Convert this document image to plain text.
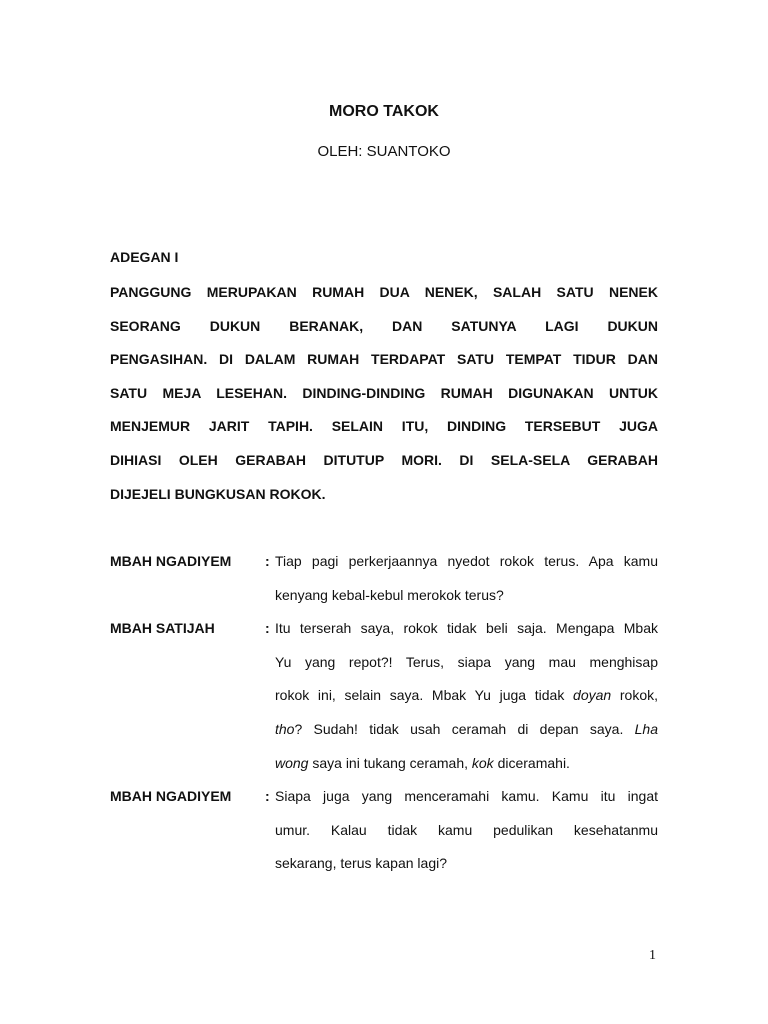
MORO TAKOK
OLEH: SUANTOKO
ADEGAN I
PANGGUNG MERUPAKAN RUMAH DUA NENEK, SALAH SATU NENEK
SEORANG DUKUN BERANAK, DAN SATUNYA LAGI DUKUN
PENGASIHAN. DI DALAM RUMAH TERDAPAT SATU TEMPAT TIDUR DAN
SATU MEJA LESEHAN. DINDING-DINDING RUMAH DIGUNAKAN UNTUK
MENJEMUR JARIT TAPIH. SELAIN ITU, DINDING TERSEBUT JUGA
DIHIASI OLEH GERABAH DITUTUP MORI. DI SELA-SELA GERABAH
DIJEJELI BUNGKUSAN ROKOK.
MBAH NGADIYEM	: Tiap pagi perkerjaannya nyedot rokok terus. Apa kamu
kenyang kebal-kebul merokok terus?
MBAH SATIJAH	: Itu terserah saya, rokok tidak beli saja. Mengapa Mbak
Yu yang repot?! Terus, siapa yang mau menghisap
rokok ini, selain saya. Mbak Yu juga tidak doyan rokok,
tho? Sudah! tidak usah ceramah di depan saya. Lha
wong saya ini tukang ceramah, kok diceramahi.
MBAH NGADIYEM	: Siapa juga yang menceramahi kamu. Kamu itu ingat
umur. Kalau tidak kamu pedulikan kesehatanmu
sekarang, terus kapan lagi?
1
